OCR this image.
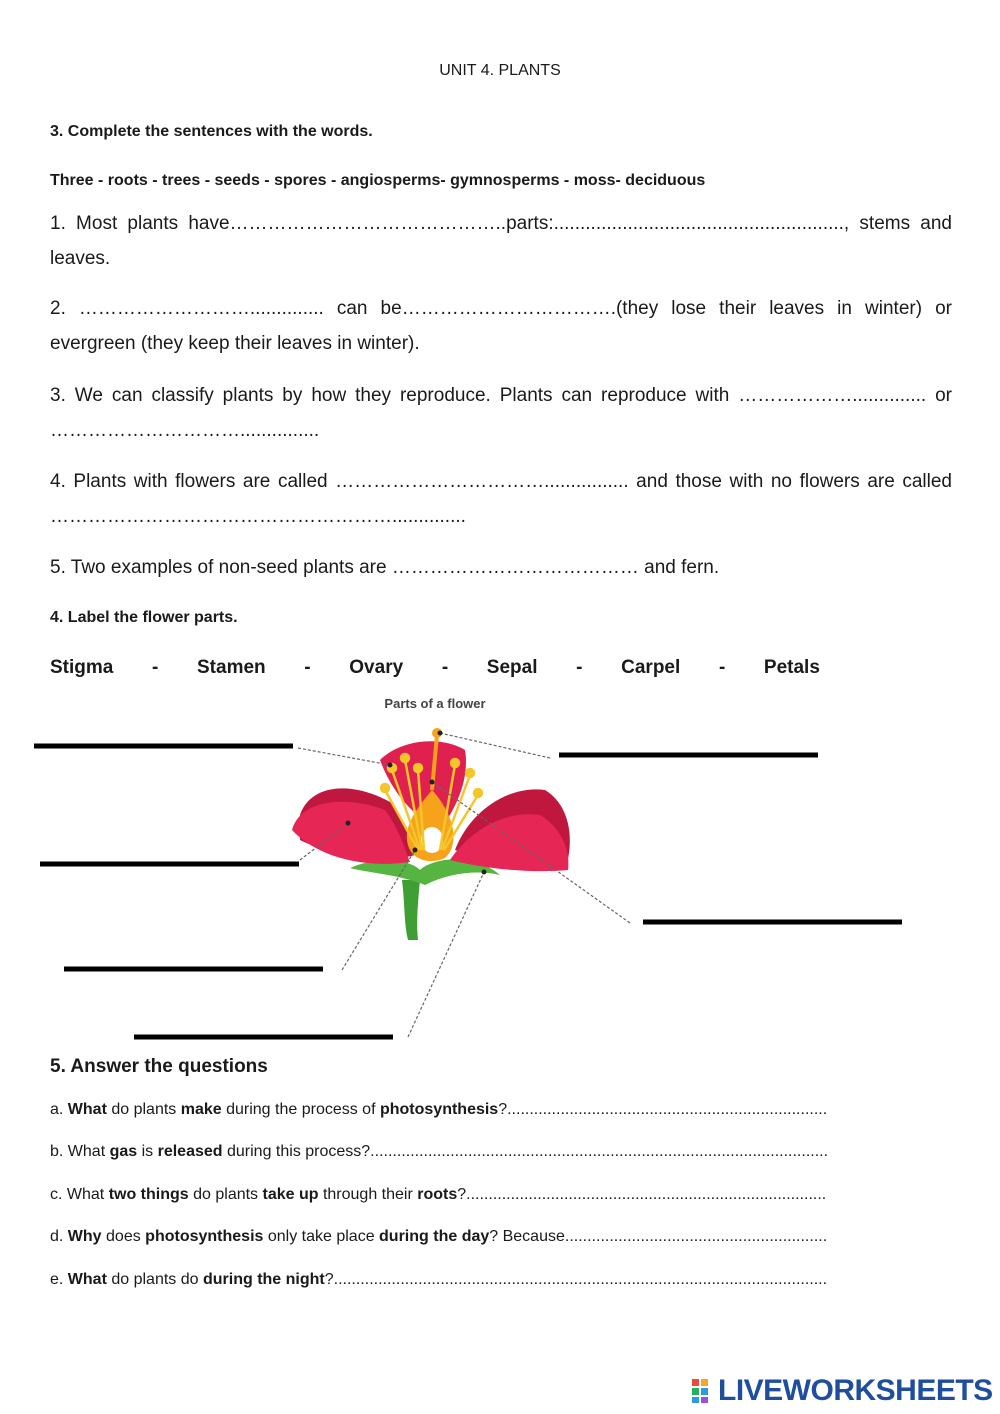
UNIT 4. PLANTS
3. Complete the sentences with the words.
Three - roots - trees - seeds - spores - angiosperms- gymnosperms - moss- deciduous

1. Most plants have……………………………………..parts:......................................................., stems and leaves.

2. ……………………….............. can be…………………………….(they lose their leaves in winter) or evergreen (they keep their leaves in winter).

3. We can classify plants by how they reproduce. Plants can reproduce with ……………….............. or …………………………...............

4. Plants with flowers are called ……………………………................ and those with no flowers are called ………………………………………………..............

5. Two examples of non-seed plants are ………………………………… and fern.

4. Label the flower parts.
Stigma - Stamen - Ovary - Sepal - Carpel - Petals
Parts of a flower
5. Answer the questions

a. What do plants make during the process of photosynthesis?........................................................................

b. What gas is released during this process?.......................................................................................................

c. What two things do plants take up through their roots?.................................................................................

d. Why does photosynthesis only take place during the day? Because...........................................................

e. What do plants do during the night?...............................................................................................................

LIVEWORKSHEETS
